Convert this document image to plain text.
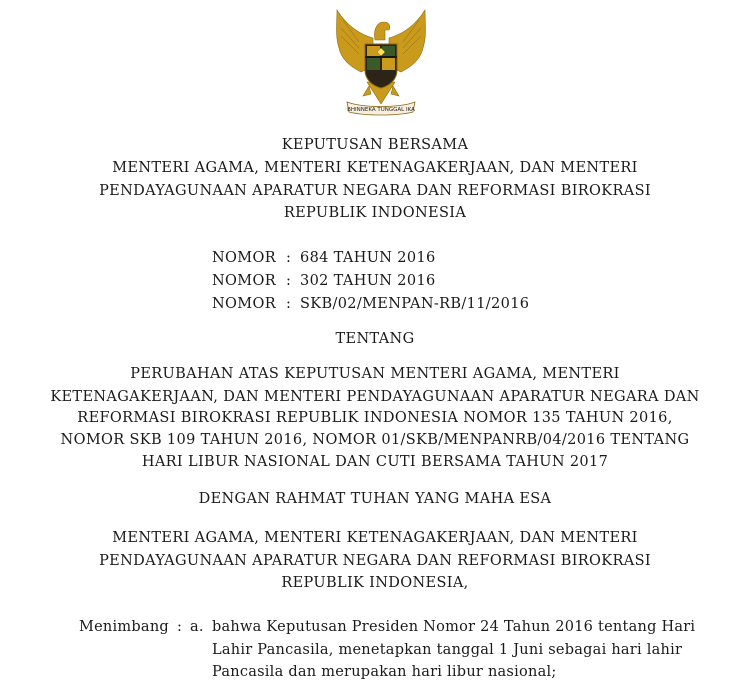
BHINNEKA TUNGGAL IKA
KEPUTUSAN BERSAMA
MENTERI AGAMA, MENTERI KETENAGAKERJAAN, DAN MENTERI
PENDAYAGUNAAN APARATUR NEGARA DAN REFORMASI BIROKRASI
REPUBLIK INDONESIA
NOMOR : 684 TAHUN 2016
NOMOR : 302 TAHUN 2016
NOMOR : SKB/02/MENPAN-RB/11/2016
TENTANG
PERUBAHAN ATAS KEPUTUSAN MENTERI AGAMA, MENTERI
KETENAGAKERJAAN, DAN MENTERI PENDAYAGUNAAN APARATUR NEGARA DAN
REFORMASI BIROKRASI REPUBLIK INDONESIA NOMOR 135 TAHUN 2016,
NOMOR SKB 109 TAHUN 2016, NOMOR 01/SKB/MENPANRB/04/2016 TENTANG
HARI LIBUR NASIONAL DAN CUTI BERSAMA TAHUN 2017
DENGAN RAHMAT TUHAN YANG MAHA ESA
MENTERI AGAMA, MENTERI KETENAGAKERJAAN, DAN MENTERI
PENDAYAGUNAAN APARATUR NEGARA DAN REFORMASI BIROKRASI
REPUBLIK INDONESIA,
Menimbang : a. bahwa Keputusan Presiden Nomor 24 Tahun 2016 tentang Hari
Lahir Pancasila, menetapkan tanggal 1 Juni sebagai hari lahir
Pancasila dan merupakan hari libur nasional;
